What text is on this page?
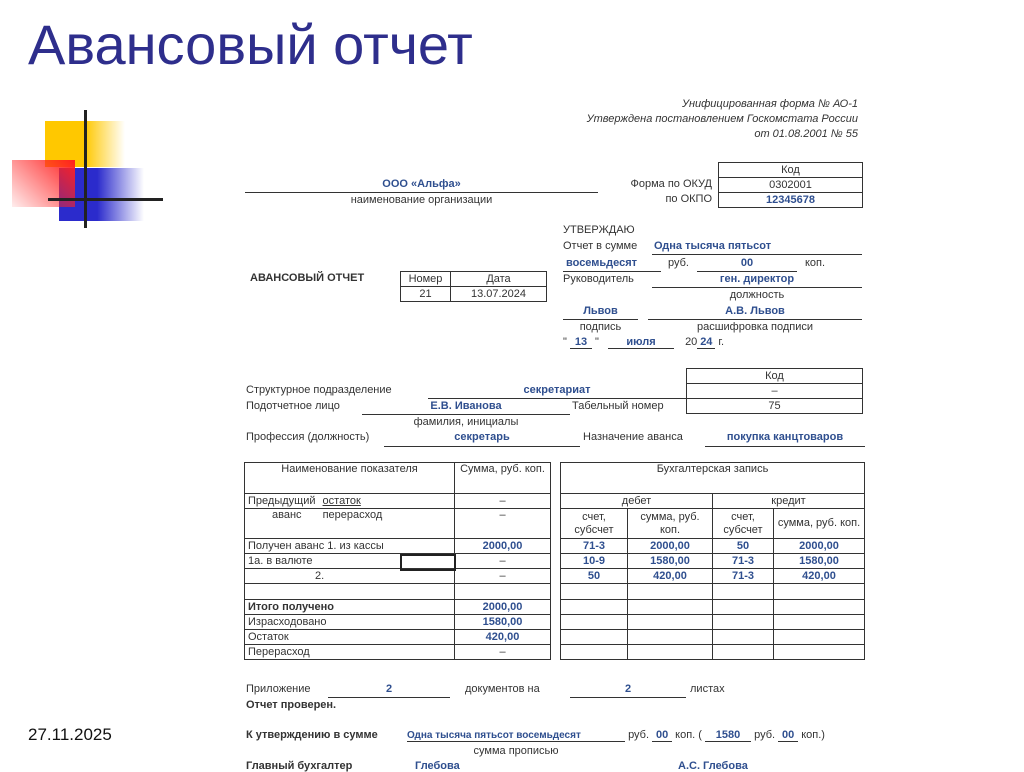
Авансовый отчет
27.11.2025
Унифицированная форма № АО-1
Утверждена постановлением Госкомстата России
от 01.08.2001 № 55
ООО «Альфа»
наименование организации
Форма по ОКУД
по ОКПО
Код
0302001
12345678
УТВЕРЖДАЮ
Отчет в сумме Одна тысяча пятьсот
восемьдесят	руб.	00	коп.
Руководитель	ген. директор
должность
Львов	А.В. Львов
подпись	расшифровка подписи
" 13 " июля	20 24 г.
АВАНСОВЫЙ ОТЧЕТ	Номер	Дата
21	13.07.2024
Код
–
75
Структурное подразделение	секретариат
Подотчетное лицо	Е.В. Иванова	Табельный номер
фамилия, инициалы
Профессия (должность)	секретарь	Назначение аванса	покупка канцтоваров
Наименование показателя	Сумма, руб. коп.
Предыдущий остаток	–
аванс перерасход	–
Получен аванс 1. из кассы	2000,00
1а. в валюте	–
2.	–

Итого получено	2000,00
Израсходовано	1580,00
Остаток	420,00
Перерасход	–
Бухгалтерская запись			
дебет		кредит	
счет, субсчет	сумма, руб. коп.	счет, субсчет	сумма, руб. коп.
71-3	2000,00	50	2000,00
10-9	1580,00	71-3	1580,00
50	420,00	71-3	420,00

Приложение	2	документов на	2	листах
Отчет проверен.
К утверждению в сумме	Одна тысяча пятьсот восемьдесят	руб. 00 коп. ( 1580 руб. 00 коп.)
сумма прописью
Главный бухгалтер	Глебова	А.С. Глебова
